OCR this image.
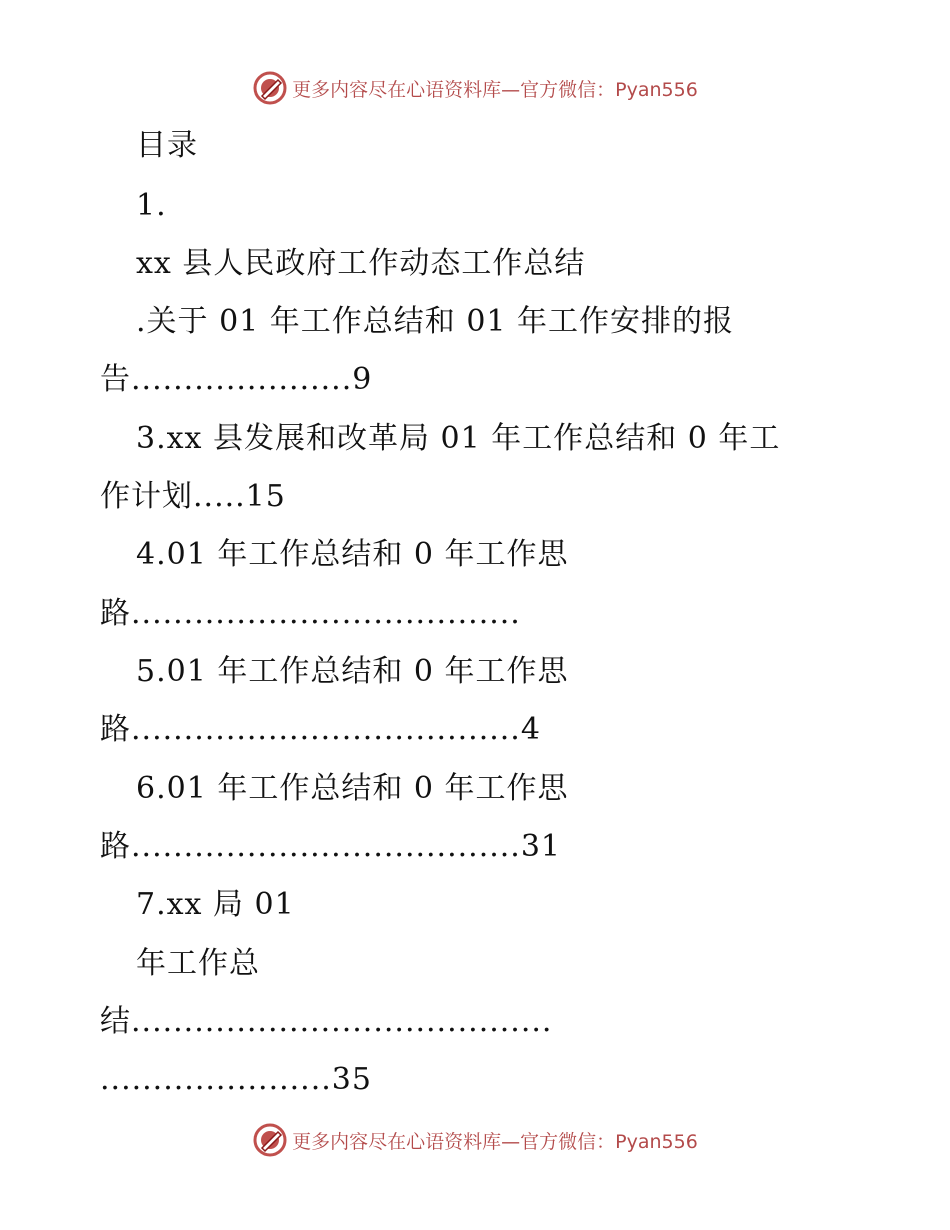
更多内容尽在心语资料库—官方微信：Pyan556
目录
1.
xx 县人民政府工作动态工作总结
.关于 01 年工作总结和 01 年工作安排的报
告.....................9
3.xx 县发展和改革局 01 年工作总结和 0 年工
作计划.....15
4.01 年工作总结和 0 年工作思
路.....................................
5.01 年工作总结和 0 年工作思
路.....................................4
6.01 年工作总结和 0 年工作思
路.....................................31
7.xx 局 01
年工作总
结........................................
......................35
更多内容尽在心语资料库—官方微信：Pyan556
